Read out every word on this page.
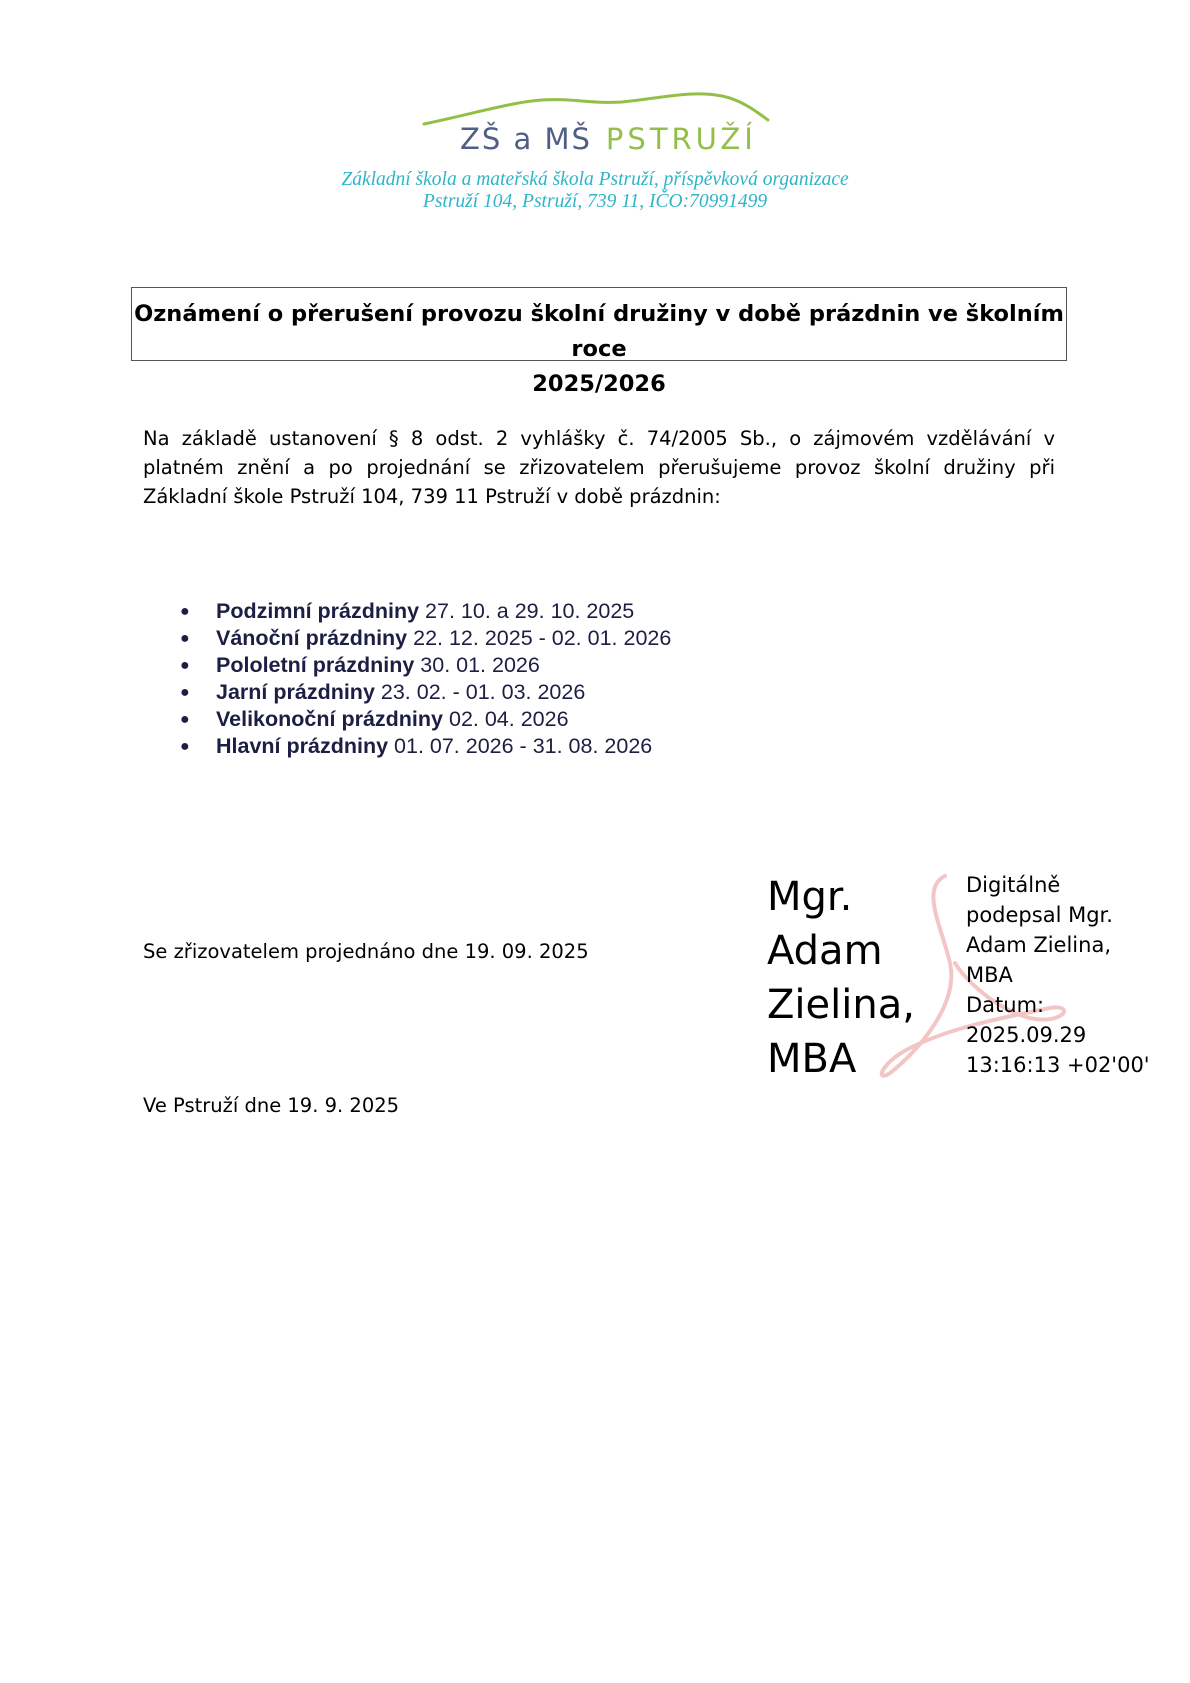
ZŠ a MŠ PSTRUŽÍ
Základní škola a mateřská škola Pstruží, příspěvková organizace
Pstruží 104, Pstruží, 739 11, IČO:70991499
Oznámení o přerušení provozu školní družiny v době prázdnin ve školním roce
2025/2026
Na základě ustanovení § 8 odst. 2 vyhlášky č. 74/2005 Sb., o zájmovém vzdělávání v platném znění a po projednání se zřizovatelem přerušujeme provoz školní družiny při Základní škole Pstruží 104, 739 11 Pstruží v době prázdnin:
● Podzimní prázdniny 27. 10. a 29. 10. 2025
● Vánoční prázdniny 22. 12. 2025 - 02. 01. 2026
● Pololetní prázdniny 30. 01. 2026
● Jarní prázdniny 23. 02. - 01. 03. 2026
● Velikonoční prázdniny 02. 04. 2026
● Hlavní prázdniny 01. 07. 2026 - 31. 08. 2026
Se zřizovatelem projednáno dne 19. 09. 2025
Ve Pstruží dne 19. 9. 2025
Mgr.
Adam
Zielina,
MBA
Digitálně
podepsal Mgr.
Adam Zielina,
MBA
Datum:
2025.09.29
13:16:13 +02'00'
